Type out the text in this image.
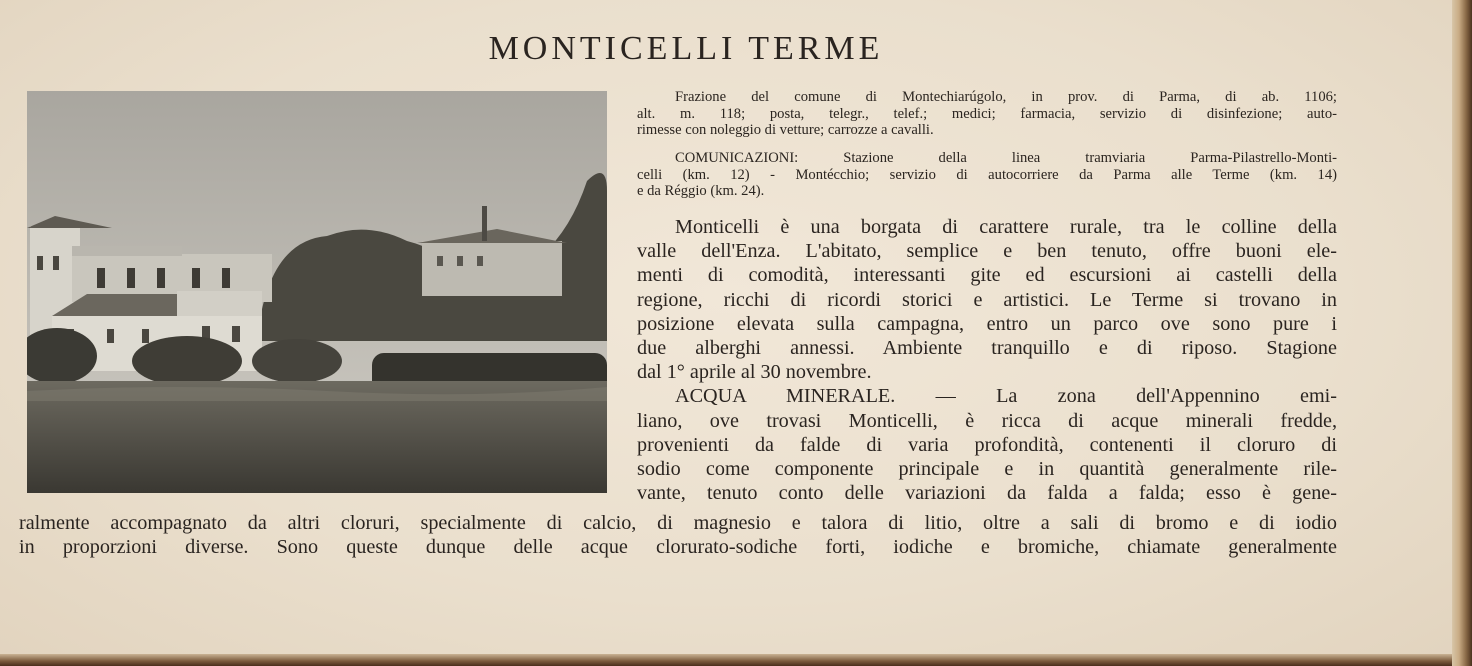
MONTICELLI TERME
Frazione del comune di Montechiarúgolo, in prov. di Parma, di ab. 1106;
alt. m. 118; posta, telegr., telef.; medici; farmacia, servizio di disinfezione; auto-
rimesse con noleggio di vetture; carrozze a cavalli.
COMUNICAZIONI: Stazione della linea tramviaria Parma-Pilastrello-Monti-
celli (km. 12) - Montécchio; servizio di autocorriere da Parma alle Terme (km. 14)
e da Réggio (km. 24).
Monticelli è una borgata di carattere rurale, tra le colline della
valle dell'Enza. L'abitato, semplice e ben tenuto, offre buoni ele-
menti di comodità, interessanti gite ed escursioni ai castelli della
regione, ricchi di ricordi storici e artistici. Le Terme si trovano in
posizione elevata sulla campagna, entro un parco ove sono pure i
due alberghi annessi. Ambiente tranquillo e di riposo. Stagione
dal 1° aprile al 30 novembre.
ACQUA MINERALE. — La zona dell'Appennino emi-
liano, ove trovasi Monticelli, è ricca di acque minerali fredde,
provenienti da falde di varia profondità, contenenti il cloruro di
sodio come componente principale e in quantità generalmente rile-
vante, tenuto conto delle variazioni da falda a falda; esso è gene-
ralmente accompagnato da altri cloruri, specialmente di calcio, di magnesio e talora di litio, oltre a sali di bromo e di iodio
in proporzioni diverse. Sono queste dunque delle acque clorurato-sodiche forti, iodiche e bromiche, chiamate generalmente
